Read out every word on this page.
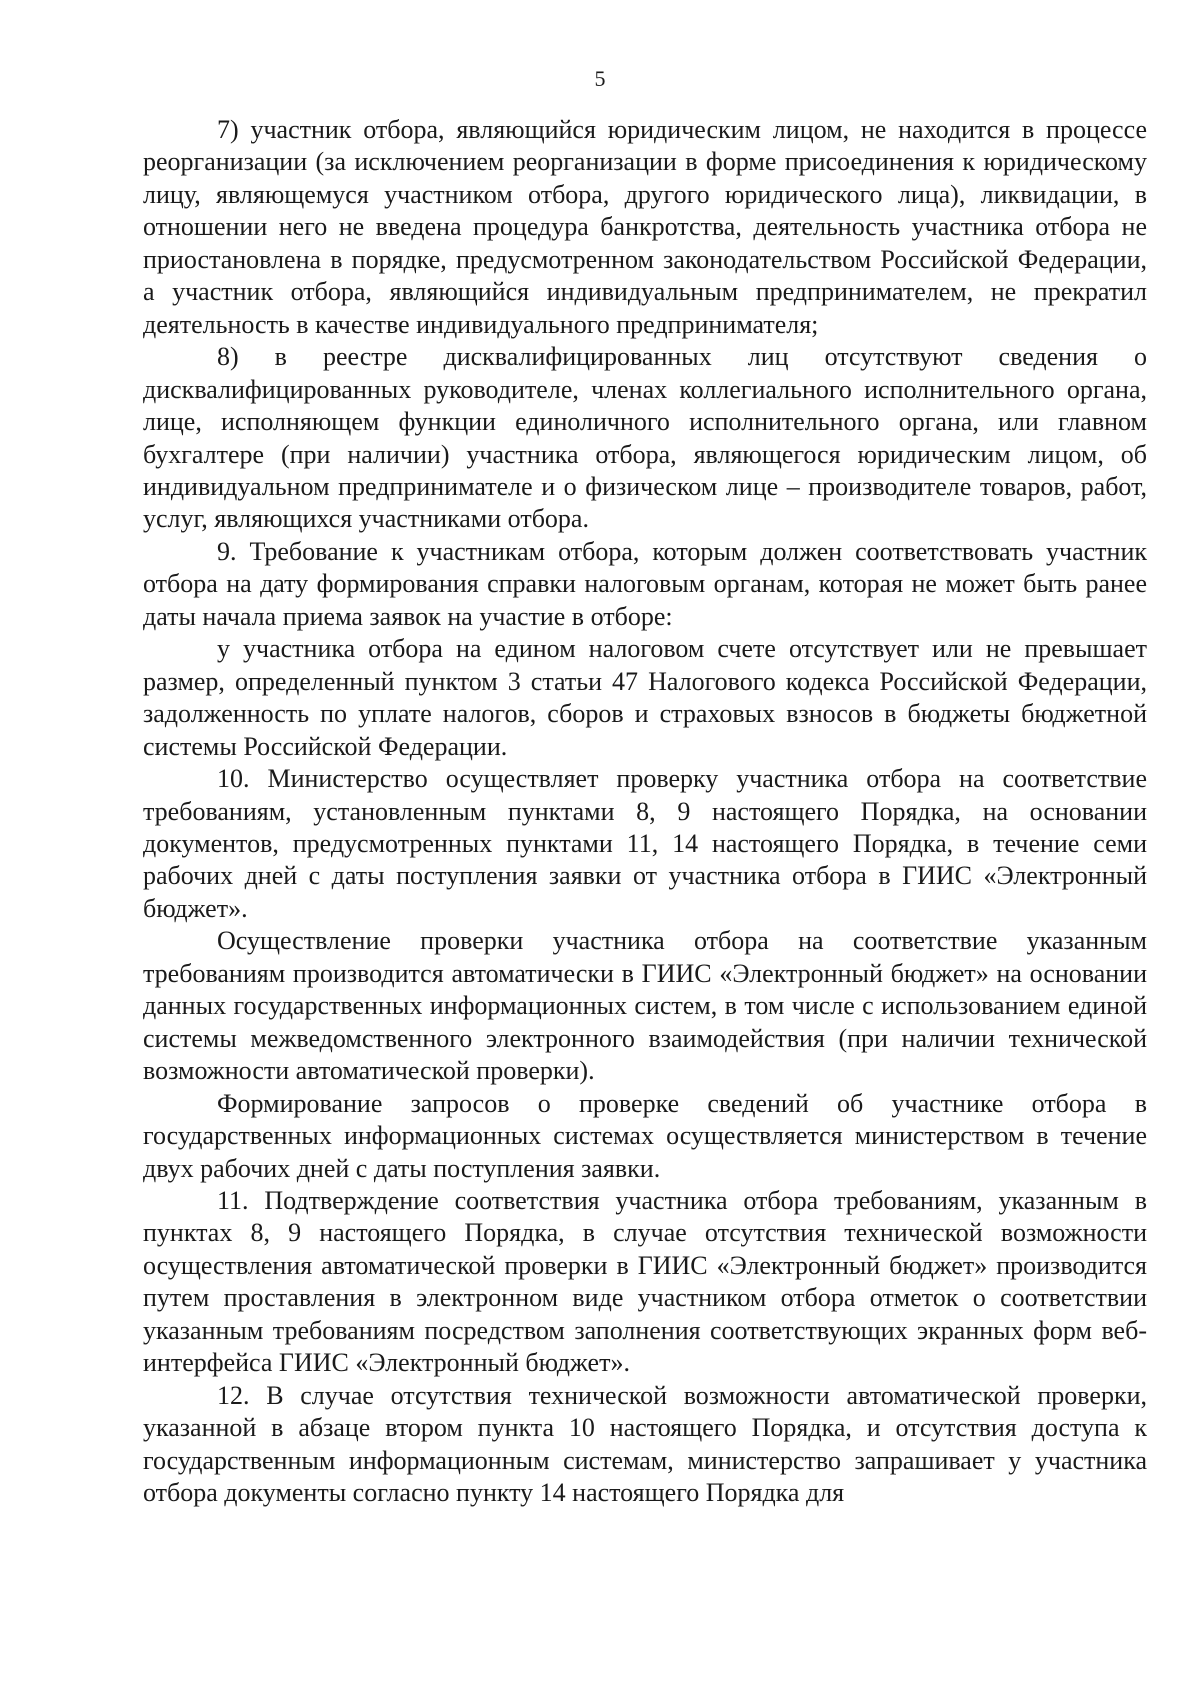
5

7) участник отбора, являющийся юридическим лицом, не находится в процессе реорганизации (за исключением реорганизации в форме присоединения к юридическому лицу, являющемуся участником отбора, другого юридического лица), ликвидации, в отношении него не введена процедура банкротства, деятельность участника отбора не приостановлена в порядке, предусмотренном законодательством Российской Федерации, а участник отбора, являющийся индивидуальным предпринимателем, не прекратил деятельность в качестве индивидуального предпринимателя;

8) в реестре дисквалифицированных лиц отсутствуют сведения о дисквалифицированных руководителе, членах коллегиального исполнительного органа, лице, исполняющем функции единоличного исполнительного органа, или главном бухгалтере (при наличии) участника отбора, являющегося юридическим лицом, об индивидуальном предпринимателе и о физическом лице – производителе товаров, работ, услуг, являющихся участниками отбора.

9. Требование к участникам отбора, которым должен соответствовать участник отбора на дату формирования справки налоговым органам, которая не может быть ранее даты начала приема заявок на участие в отборе:

у участника отбора на едином налоговом счете отсутствует или не превышает размер, определенный пунктом 3 статьи 47 Налогового кодекса Российской Федерации, задолженность по уплате налогов, сборов и страховых взносов в бюджеты бюджетной системы Российской Федерации.

10. Министерство осуществляет проверку участника отбора на соответствие требованиям, установленным пунктами 8, 9 настоящего Порядка, на основании документов, предусмотренных пунктами 11, 14 настоящего Порядка, в течение семи рабочих дней с даты поступления заявки от участника отбора в ГИИС «Электронный бюджет».

Осуществление проверки участника отбора на соответствие указанным требованиям производится автоматически в ГИИС «Электронный бюджет» на основании данных государственных информационных систем, в том числе с использованием единой системы межведомственного электронного взаимодействия (при наличии технической возможности автоматической проверки).

Формирование запросов о проверке сведений об участнике отбора в государственных информационных системах осуществляется министерством в течение двух рабочих дней с даты поступления заявки.

11. Подтверждение соответствия участника отбора требованиям, указанным в пунктах 8, 9 настоящего Порядка, в случае отсутствия технической возможности осуществления автоматической проверки в ГИИС «Электронный бюджет» производится путем проставления в электронном виде участником отбора отметок о соответствии указанным требованиям посредством заполнения соответствующих экранных форм веб-интерфейса ГИИС «Электронный бюджет».

12. В случае отсутствия технической возможности автоматической проверки, указанной в абзаце втором пункта 10 настоящего Порядка, и отсутствия доступа к государственным информационным системам, министерство запрашивает у участника отбора документы согласно пункту 14 настоящего Порядка для
